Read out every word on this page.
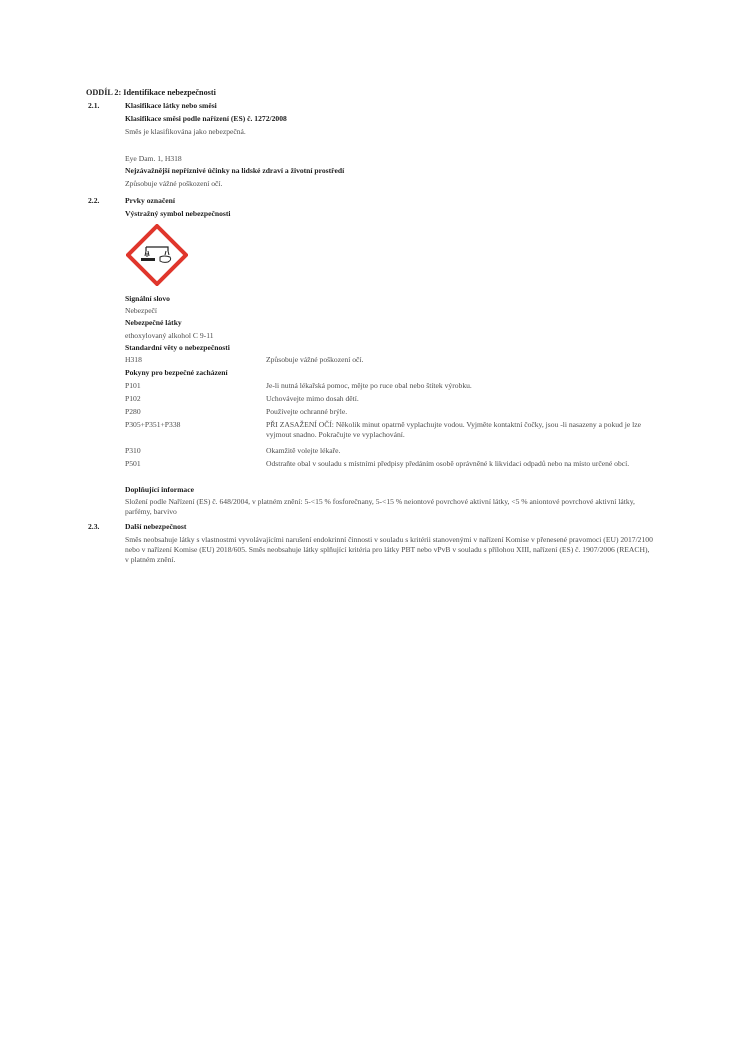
ODDÍL 2: Identifikace nebezpečnosti
2.1.	Klasifikace látky nebo směsi
Klasifikace směsi podle nařízení (ES) č. 1272/2008
Směs je klasifikována jako nebezpečná.
Eye Dam. 1, H318
Nejzávažnější nepříznivé účinky na lidské zdraví a životní prostředí
Způsobuje vážné poškození očí.
2.2.	Prvky označení
Výstražný symbol nebezpečnosti
Signální slovo
Nebezpečí
Nebezpečné látky
ethoxylovaný alkohol C 9-11
Standardní věty o nebezpečnosti
H318	Způsobuje vážné poškození očí.
Pokyny pro bezpečné zacházení
P101	Je-li nutná lékařská pomoc, mějte po ruce obal nebo štítek výrobku.
P102	Uchovávejte mimo dosah dětí.
P280	Používejte ochranné brýle.
P305+P351+P338	PŘI ZASAŽENÍ OČÍ: Několik minut opatrně vyplachujte vodou. Vyjměte kontaktní čočky, jsou -li nasazeny a pokud je lze vyjmout snadno. Pokračujte ve vyplachování.
P310	Okamžitě volejte lékaře.
P501	Odstraňte obal v souladu s místními předpisy předáním osobě oprávněné k likvidaci odpadů nebo na místo určené obcí.
Doplňující informace
Složení podle Nařízení (ES) č. 648/2004, v platném znění: 5-<15 % fosforečnany, 5-<15 % neiontové povrchové aktivní látky, <5 % aniontové povrchové aktivní látky, parfémy, barvivo
2.3.	Další nebezpečnost
Směs neobsahuje látky s vlastnostmi vyvolávajícími narušení endokrinní činnosti v souladu s kritérii stanovenými v nařízení Komise v přenesené pravomoci (EU) 2017/2100 nebo v nařízení Komise (EU) 2018/605. Směs neobsahuje látky splňující kritéria pro látky PBT nebo vPvB v souladu s přílohou XIII, nařízení (ES) č. 1907/2006 (REACH), v platném znění.
